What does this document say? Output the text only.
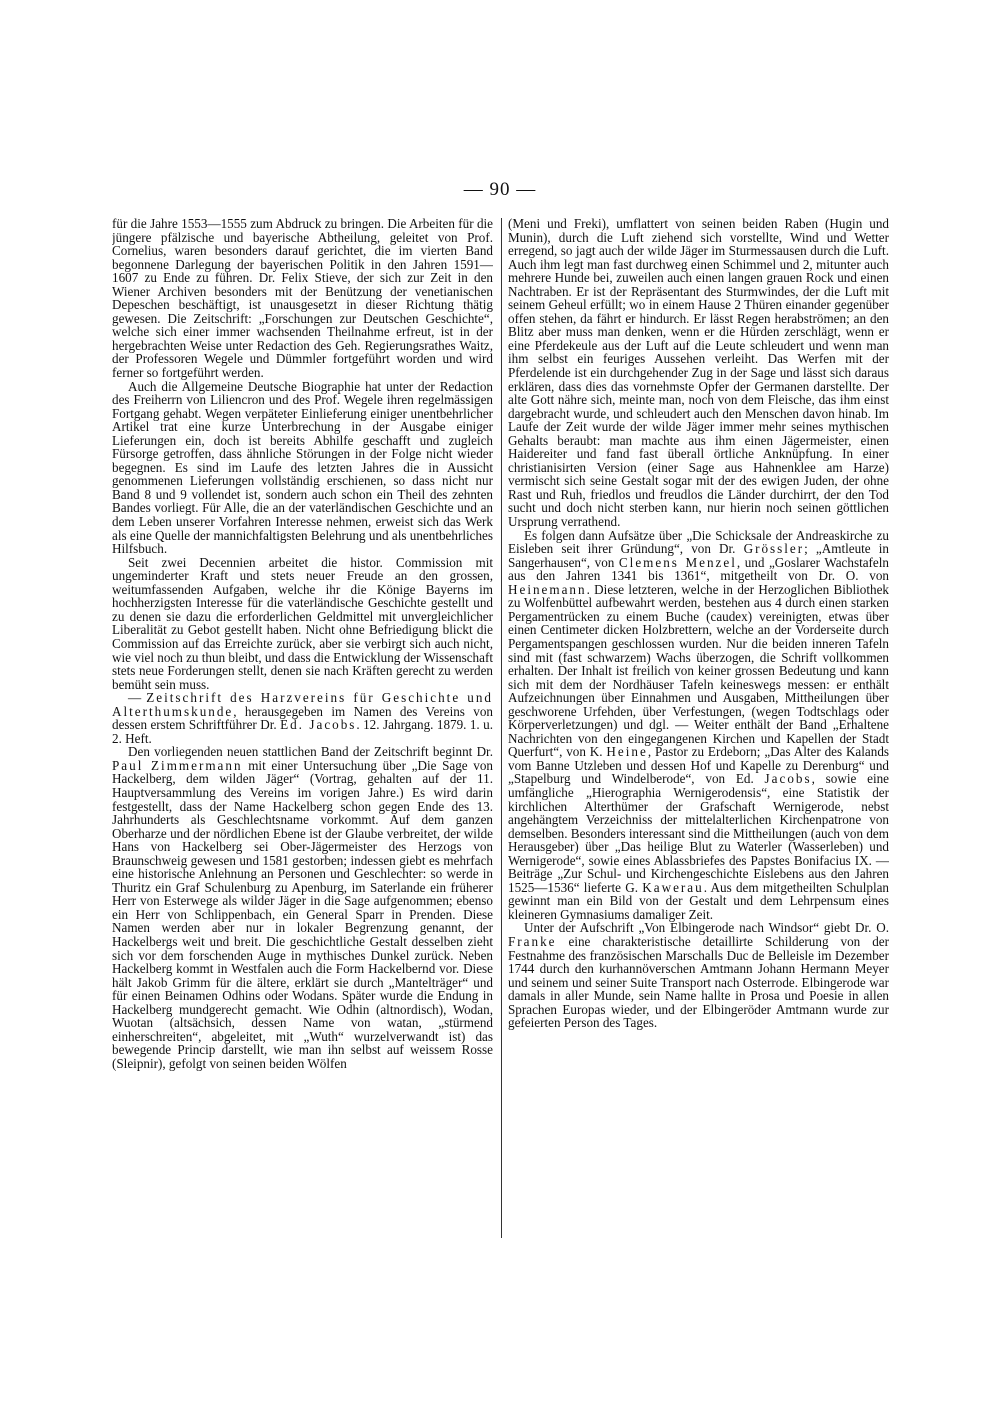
— 90 —

für die Jahre 1553—1555 zum Abdruck zu bringen. Die Arbeiten für die jüngere pfälzische und bayerische Abtheilung, geleitet von Prof. Cornelius, waren besonders darauf gerichtet, die im vierten Band begonnene Darlegung der bayerischen Politik in den Jahren 1591—1607 zu Ende zu führen. Dr. Felix Stieve, der sich zur Zeit in den Wiener Archiven besonders mit der Benützung der venetianischen Depeschen beschäftigt, ist unausgesetzt in dieser Richtung thätig gewesen. Die Zeitschrift: „Forschungen zur Deutschen Geschichte“, welche sich einer immer wachsenden Theilnahme erfreut, ist in der hergebrachten Weise unter Redaction des Geh. Regierungsrathes Waitz, der Professoren Wegele und Dümmler fortgeführt worden und wird ferner so fortgeführt werden.

Auch die Allgemeine Deutsche Biographie hat unter der Redaction des Freiherrn von Liliencron und des Prof. Wegele ihren regelmässigen Fortgang gehabt. Wegen verpäteter Einlieferung einiger unentbehrlicher Artikel trat eine kurze Unterbrechung in der Ausgabe einiger Lieferungen ein, doch ist bereits Abhilfe geschafft und zugleich Fürsorge getroffen, dass ähnliche Störungen in der Folge nicht wieder begegnen. Es sind im Laufe des letzten Jahres die in Aussicht genommenen Lieferungen vollständig erschienen, so dass nicht nur Band 8 und 9 vollendet ist, sondern auch schon ein Theil des zehnten Bandes vorliegt. Für Alle, die an der vaterländischen Geschichte und an dem Leben unserer Vorfahren Interesse nehmen, erweist sich das Werk als eine Quelle der mannichfaltigsten Belehrung und als unentbehrliches Hilfsbuch.

Seit zwei Decennien arbeitet die histor. Commission mit ungeminderter Kraft und stets neuer Freude an den grossen, weitumfassenden Aufgaben, welche ihr die Könige Bayerns im hochherzigsten Interesse für die vaterländische Geschichte gestellt und zu denen sie dazu die erforderlichen Geldmittel mit unvergleichlicher Liberalität zu Gebot gestellt haben. Nicht ohne Befriedigung blickt die Commission auf das Erreichte zurück, aber sie verbirgt sich auch nicht, wie viel noch zu thun bleibt, und dass die Entwicklung der Wissenschaft stets neue Forderungen stellt, denen sie nach Kräften gerecht zu werden bemüht sein muss.

— Zeitschrift des Harzvereins für Geschichte und Alterthumskunde, herausgegeben im Namen des Vereins von dessen erstem Schriftführer Dr. Ed. Jacobs. 12. Jahrgang. 1879. 1. u. 2. Heft.

Den vorliegenden neuen stattlichen Band der Zeitschrift beginnt Dr. Paul Zimmermann mit einer Untersuchung über „Die Sage von Hackelberg, dem wilden Jäger“ (Vortrag, gehalten auf der 11. Hauptversammlung des Vereins im vorigen Jahre.) Es wird darin festgestellt, dass der Name Hackelberg schon gegen Ende des 13. Jahrhunderts als Geschlechtsname vorkommt. Auf dem ganzen Oberharze und der nördlichen Ebene ist der Glaube verbreitet, der wilde Hans von Hackelberg sei Ober-Jägermeister des Herzogs von Braunschweig gewesen und 1581 gestorben; indessen giebt es mehrfach eine historische Anlehnung an Personen und Geschlechter: so werde in Thuritz ein Graf Schulenburg zu Apenburg, im Saterlande ein früherer Herr von Esterwege als wilder Jäger in die Sage aufgenommen; ebenso ein Herr von Schlippenbach, ein General Sparr in Prenden. Diese Namen werden aber nur in lokaler Begrenzung genannt, der Hackelbergs weit und breit. Die geschichtliche Gestalt desselben zieht sich vor dem forschenden Auge in mythisches Dunkel zurück. Neben Hackelberg kommt in Westfalen auch die Form Hackelbernd vor. Diese hält Jakob Grimm für die ältere, erklärt sie durch „Mantelträger“ und für einen Beinamen Odhins oder Wodans. Später wurde die Endung in Hackelberg mundgerecht gemacht. Wie Odhin (altnordisch), Wodan, Wuotan (altsächsich, dessen Name von watan, „stürmend einherschreiten“, abgeleitet, mit „Wuth“ wurzelverwandt ist) das bewegende Princip darstellt, wie man ihn selbst auf weissem Rosse (Sleipnir), gefolgt von seinen beiden Wölfen

(Meni und Freki), umflattert von seinen beiden Raben (Hugin und Munin), durch die Luft ziehend sich vorstellte, Wind und Wetter erregend, so jagt auch der wilde Jäger im Sturmessausen durch die Luft. Auch ihm legt man fast durchweg einen Schimmel und 2, mitunter auch mehrere Hunde bei, zuweilen auch einen langen grauen Rock und einen Nachtraben. Er ist der Repräsentant des Sturmwindes, der die Luft mit seinem Geheul erfüllt; wo in einem Hause 2 Thüren einander gegenüber offen stehen, da fährt er hindurch. Er lässt Regen herabströmen; an den Blitz aber muss man denken, wenn er die Hürden zerschlägt, wenn er eine Pferdekeule aus der Luft auf die Leute schleudert und wenn man ihm selbst ein feuriges Aussehen verleiht. Das Werfen mit der Pferdelende ist ein durchgehender Zug in der Sage und lässt sich daraus erklären, dass dies das vornehmste Opfer der Germanen darstellte. Der alte Gott nähre sich, meinte man, noch von dem Fleische, das ihm einst dargebracht wurde, und schleudert auch den Menschen davon hinab. Im Laufe der Zeit wurde der wilde Jäger immer mehr seines mythischen Gehalts beraubt: man machte aus ihm einen Jägermeister, einen Haidereiter und fand fast überall örtliche Anknüpfung. In einer christianisirten Version (einer Sage aus Hahnenklee am Harze) vermischt sich seine Gestalt sogar mit der des ewigen Juden, der ohne Rast und Ruh, friedlos und freudlos die Länder durchirrt, der den Tod sucht und doch nicht sterben kann, nur hierin noch seinen göttlichen Ursprung verrathend.

Es folgen dann Aufsätze über „Die Schicksale der Andreaskirche zu Eisleben seit ihrer Gründung“, von Dr. Grössler; „Amtleute in Sangerhausen“, von Clemens Menzel, und „Goslarer Wachstafeln aus den Jahren 1341 bis 1361“, mitgetheilt von Dr. O. von Heinemann. Diese letzteren, welche in der Herzoglichen Bibliothek zu Wolfenbüttel aufbewahrt werden, bestehen aus 4 durch einen starken Pergamentrücken zu einem Buche (caudex) vereinigten, etwas über einen Centimeter dicken Holzbrettern, welche an der Vorderseite durch Pergamentspangen geschlossen wurden. Nur die beiden inneren Tafeln sind mit (fast schwarzem) Wachs überzogen, die Schrift vollkommen erhalten. Der Inhalt ist freilich von keiner grossen Bedeutung und kann sich mit dem der Nordhäuser Tafeln keineswegs messen: er enthält Aufzeichnungen über Einnahmen und Ausgaben, Mittheilungen über geschworene Urfehden, über Verfestungen, (wegen Todtschlags oder Körperverletzungen) und dgl. — Weiter enthält der Band „Erhaltene Nachrichten von den eingegangenen Kirchen und Kapellen der Stadt Querfurt“, von K. Heine, Pastor zu Erdeborn; „Das Alter des Kalands vom Banne Utzleben und dessen Hof und Kapelle zu Derenburg“ und „Stapelburg und Windelberode“, von Ed. Jacobs, sowie eine umfängliche „Hierographia Wernigerodensis“, eine Statistik der kirchlichen Alterthümer der Grafschaft Wernigerode, nebst angehängtem Verzeichniss der mittelalterlichen Kirchenpatrone von demselben. Besonders interessant sind die Mittheilungen (auch von dem Herausgeber) über „Das heilige Blut zu Waterler (Wasserleben) und Wernigerode“, sowie eines Ablassbriefes des Papstes Bonifacius IX. — Beiträge „Zur Schul- und Kirchengeschichte Eislebens aus den Jahren 1525—1536“ lieferte G. Kawerau. Aus dem mitgetheilten Schulplan gewinnt man ein Bild von der Gestalt und dem Lehrpensum eines kleineren Gymnasiums damaliger Zeit.

Unter der Aufschrift „Von Elbingerode nach Windsor“ giebt Dr. O. Franke eine charakteristische detaillirte Schilderung von der Festnahme des französischen Marschalls Duc de Belleisle im Dezember 1744 durch den kurhannöverschen Amtmann Johann Hermann Meyer und seinem und seiner Suite Transport nach Osterrode. Elbingerode war damals in aller Munde, sein Name hallte in Prosa und Poesie in allen Sprachen Europas wieder, und der Elbingeröder Amtmann wurde zur gefeierten Person des Tages.
